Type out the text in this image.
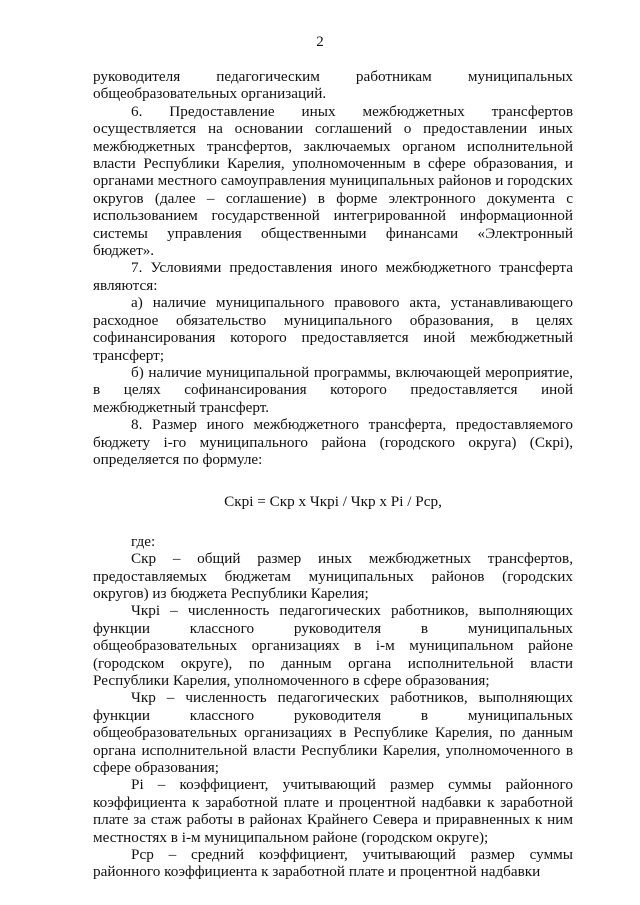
2

руководителя педагогическим работникам муниципальных общеобразовательных организаций.

6. Предоставление иных межбюджетных трансфертов осуществляется на основании соглашений о предоставлении иных межбюджетных трансфертов, заключаемых органом исполнительной власти Республики Карелия, уполномоченным в сфере образования, и органами местного самоуправления муниципальных районов и городских округов (далее – соглашение) в форме электронного документа с использованием государственной интегрированной информационной системы управления общественными финансами «Электронный бюджет».

7. Условиями предоставления иного межбюджетного трансферта являются:

а) наличие муниципального правового акта, устанавливающего расходное обязательство муниципального образования, в целях софинансирования которого предоставляется иной межбюджетный трансферт;

б) наличие муниципальной программы, включающей мероприятие, в целях софинансирования которого предоставляется иной межбюджетный трансферт.

8. Размер иного межбюджетного трансферта, предоставляемого бюджету i-го муниципального района (городского округа) (Cкрi), определяется по формуле:

Cкрi = Cкр x Чкрi / Чкр x Pi / Pср,

где:

Cкр – общий размер иных межбюджетных трансфертов, предоставляемых бюджетам муниципальных районов (городских округов) из бюджета Республики Карелия;

Чкрi – численность педагогических работников, выполняющих функции классного руководителя в муниципальных общеобразовательных организациях в i-м муниципальном районе (городском округе), по данным органа исполнительной власти Республики Карелия, уполномоченного в сфере образования;

Чкр – численность педагогических работников, выполняющих функции классного руководителя в муниципальных общеобразовательных организациях в Республике Карелия, по данным органа исполнительной власти Республики Карелия, уполномоченного в сфере образования;

Pi – коэффициент, учитывающий размер суммы районного коэффициента к заработной плате и процентной надбавки к заработной плате за стаж работы в районах Крайнего Севера и приравненных к ним местностях в i-м муниципальном районе (городском округе);

Pср – средний коэффициент, учитывающий размер суммы районного коэффициента к заработной плате и процентной надбавки
